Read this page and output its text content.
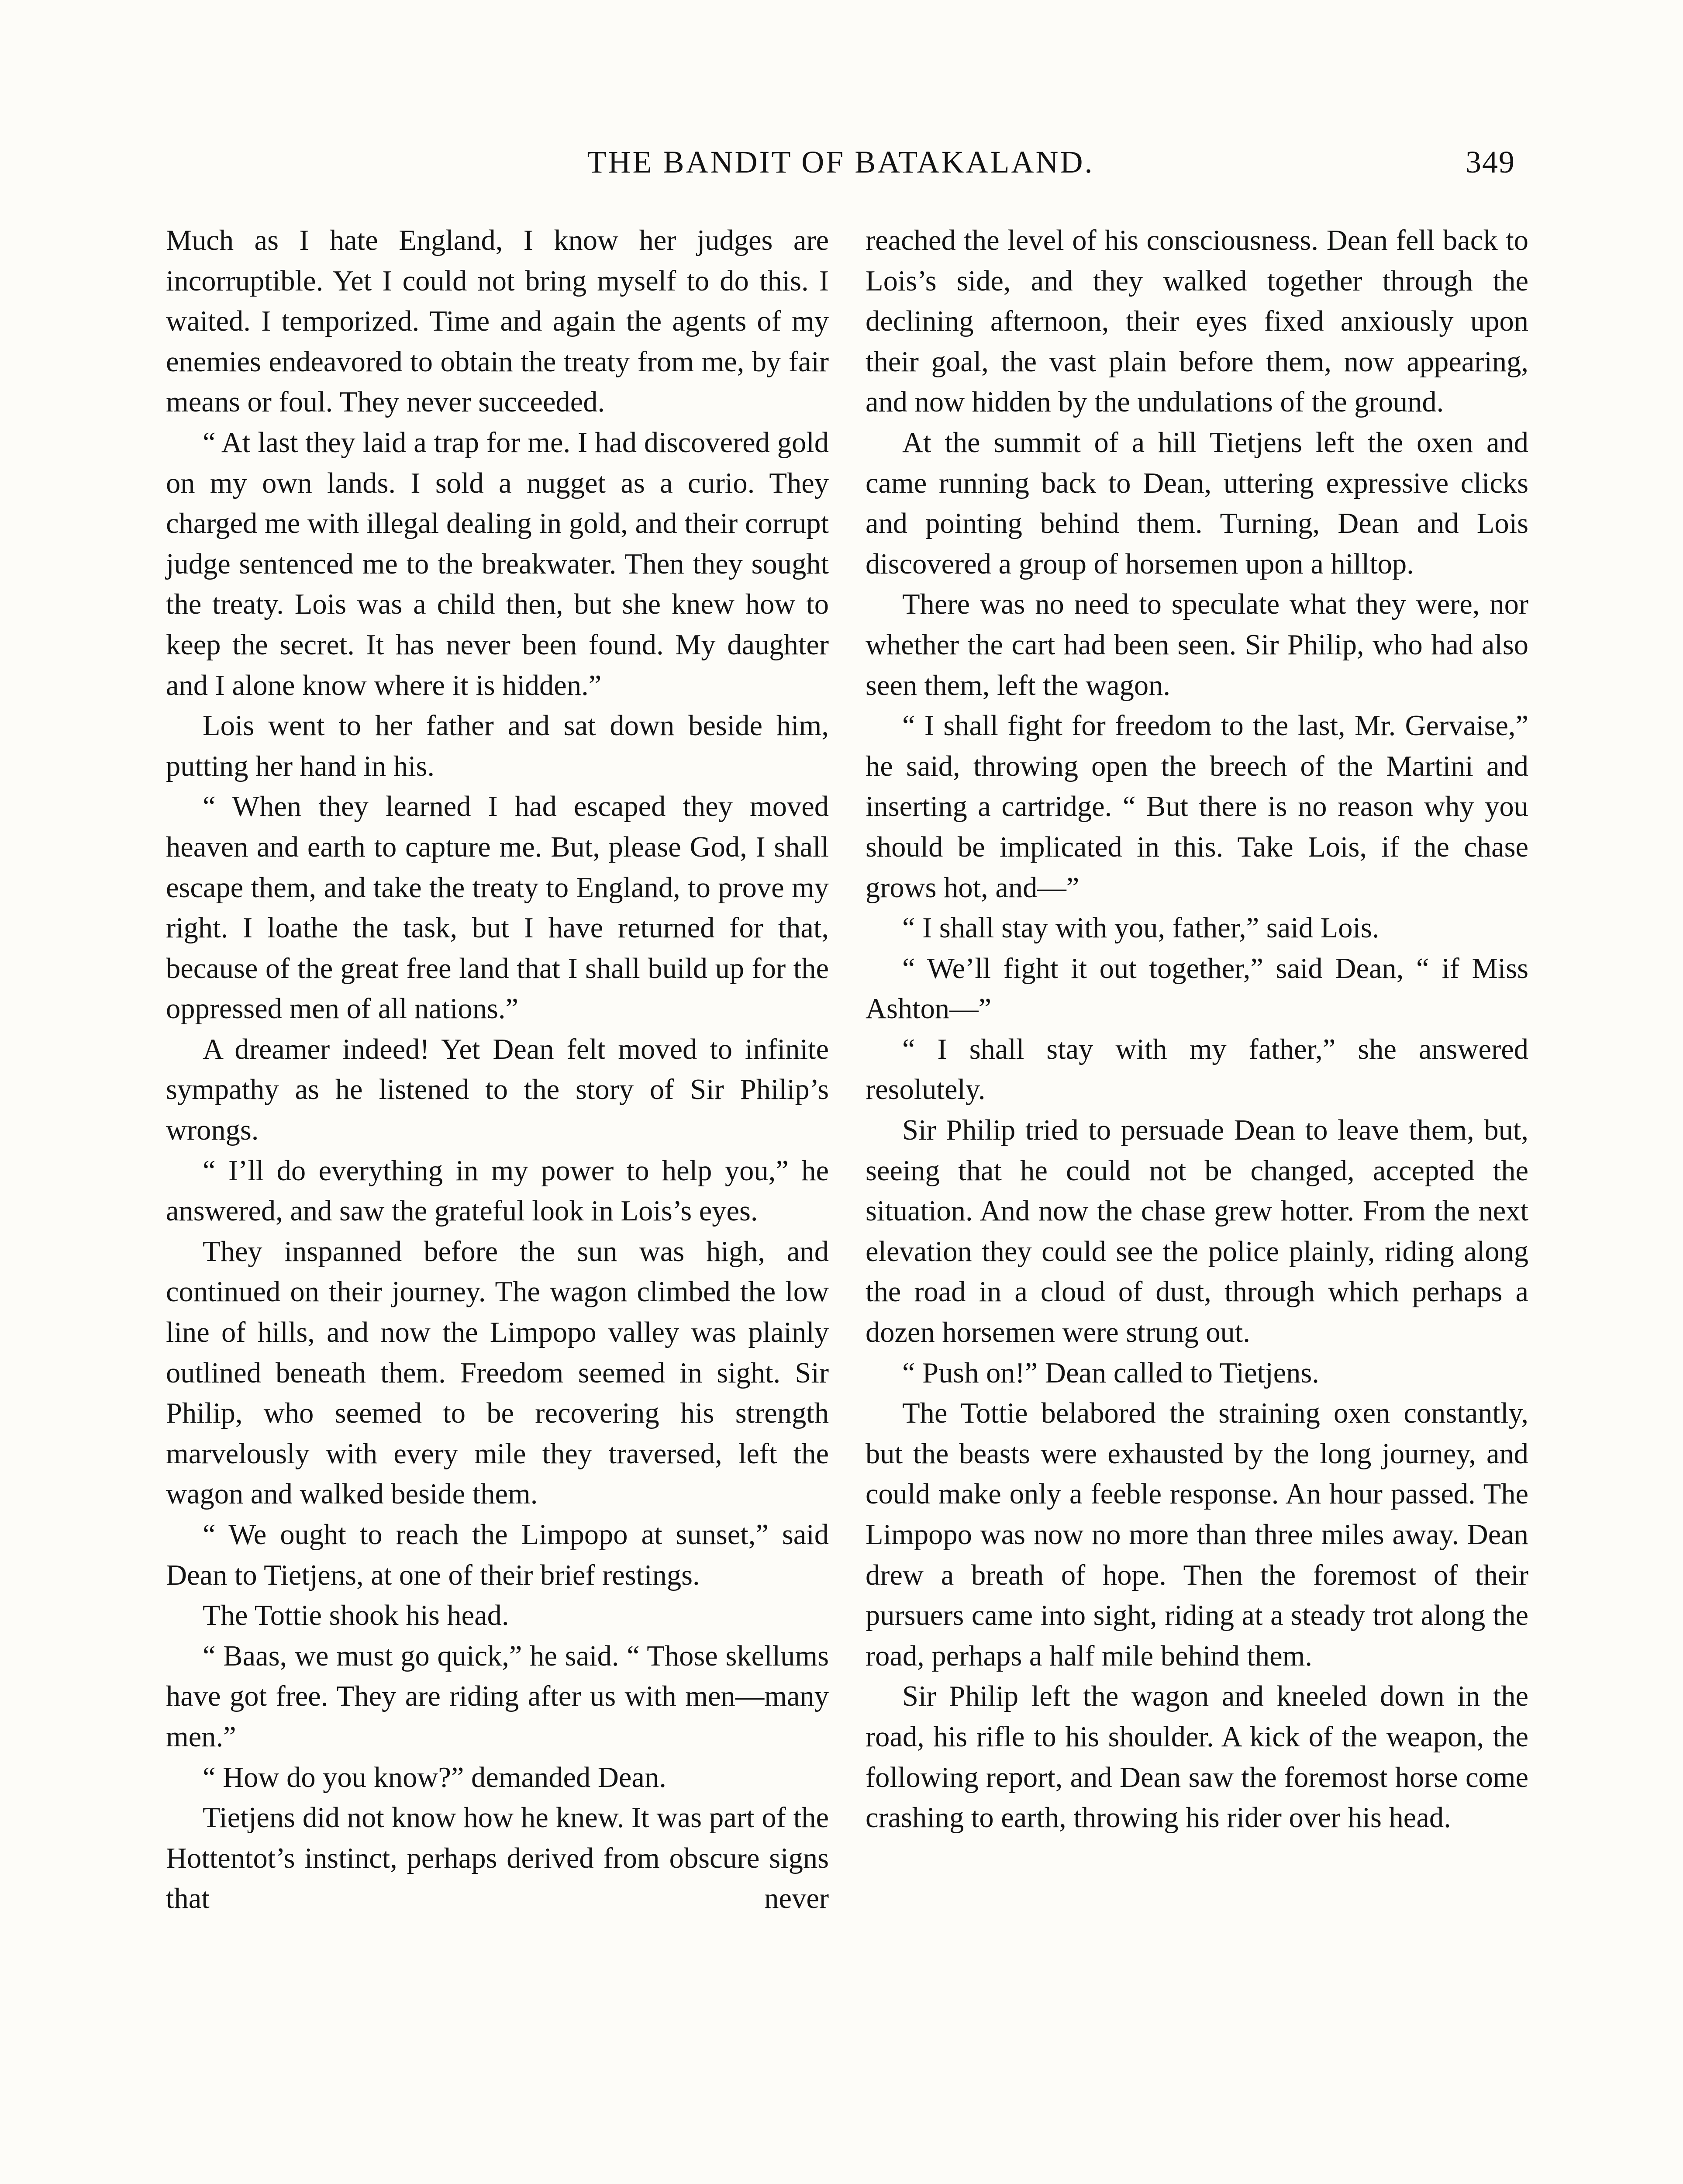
THE BANDIT OF BATAKALAND.	349

Much as I hate England, I know her judges are incorruptible. Yet I could not bring myself to do this. I waited. I temporized. Time and again the agents of my enemies endeavored to obtain the treaty from me, by fair means or foul. They never succeeded.

“ At last they laid a trap for me. I had discovered gold on my own lands. I sold a nugget as a curio. They charged me with illegal dealing in gold, and their corrupt judge sentenced me to the breakwater. Then they sought the treaty. Lois was a child then, but she knew how to keep the secret. It has never been found. My daughter and I alone know where it is hidden.”

Lois went to her father and sat down beside him, putting her hand in his.

“ When they learned I had escaped they moved heaven and earth to capture me. But, please God, I shall escape them, and take the treaty to England, to prove my right. I loathe the task, but I have returned for that, because of the great free land that I shall build up for the oppressed men of all nations.”

A dreamer indeed! Yet Dean felt moved to infinite sympathy as he listened to the story of Sir Philip’s wrongs.

“ I’ll do everything in my power to help you,” he answered, and saw the grateful look in Lois’s eyes.

They inspanned before the sun was high, and continued on their journey. The wagon climbed the low line of hills, and now the Limpopo valley was plainly outlined beneath them. Freedom seemed in sight. Sir Philip, who seemed to be recovering his strength marvelously with every mile they traversed, left the wagon and walked beside them.

“ We ought to reach the Limpopo at sunset,” said Dean to Tietjens, at one of their brief restings.

The Tottie shook his head.

“ Baas, we must go quick,” he said. “ Those skellums have got free. They are riding after us with men—many men.”

“ How do you know?” demanded Dean.

Tietjens did not know how he knew. It was part of the Hottentot’s instinct, perhaps derived from obscure signs that never

reached the level of his consciousness. Dean fell back to Lois’s side, and they walked together through the declining afternoon, their eyes fixed anxiously upon their goal, the vast plain before them, now appearing, and now hidden by the undulations of the ground.

At the summit of a hill Tietjens left the oxen and came running back to Dean, uttering expressive clicks and pointing behind them. Turning, Dean and Lois discovered a group of horsemen upon a hilltop.

There was no need to speculate what they were, nor whether the cart had been seen. Sir Philip, who had also seen them, left the wagon.

“ I shall fight for freedom to the last, Mr. Gervaise,” he said, throwing open the breech of the Martini and inserting a cartridge. “ But there is no reason why you should be implicated in this. Take Lois, if the chase grows hot, and—”

“ I shall stay with you, father,” said Lois.

“ We’ll fight it out together,” said Dean, “ if Miss Ashton—”

“ I shall stay with my father,” she answered resolutely.

Sir Philip tried to persuade Dean to leave them, but, seeing that he could not be changed, accepted the situation. And now the chase grew hotter. From the next elevation they could see the police plainly, riding along the road in a cloud of dust, through which perhaps a dozen horsemen were strung out.

“ Push on!” Dean called to Tietjens.

The Tottie belabored the straining oxen constantly, but the beasts were exhausted by the long journey, and could make only a feeble response. An hour passed. The Limpopo was now no more than three miles away. Dean drew a breath of hope. Then the foremost of their pursuers came into sight, riding at a steady trot along the road, perhaps a half mile behind them.

Sir Philip left the wagon and kneeled down in the road, his rifle to his shoulder. A kick of the weapon, the following report, and Dean saw the foremost horse come crashing to earth, throwing his rider over his head.
